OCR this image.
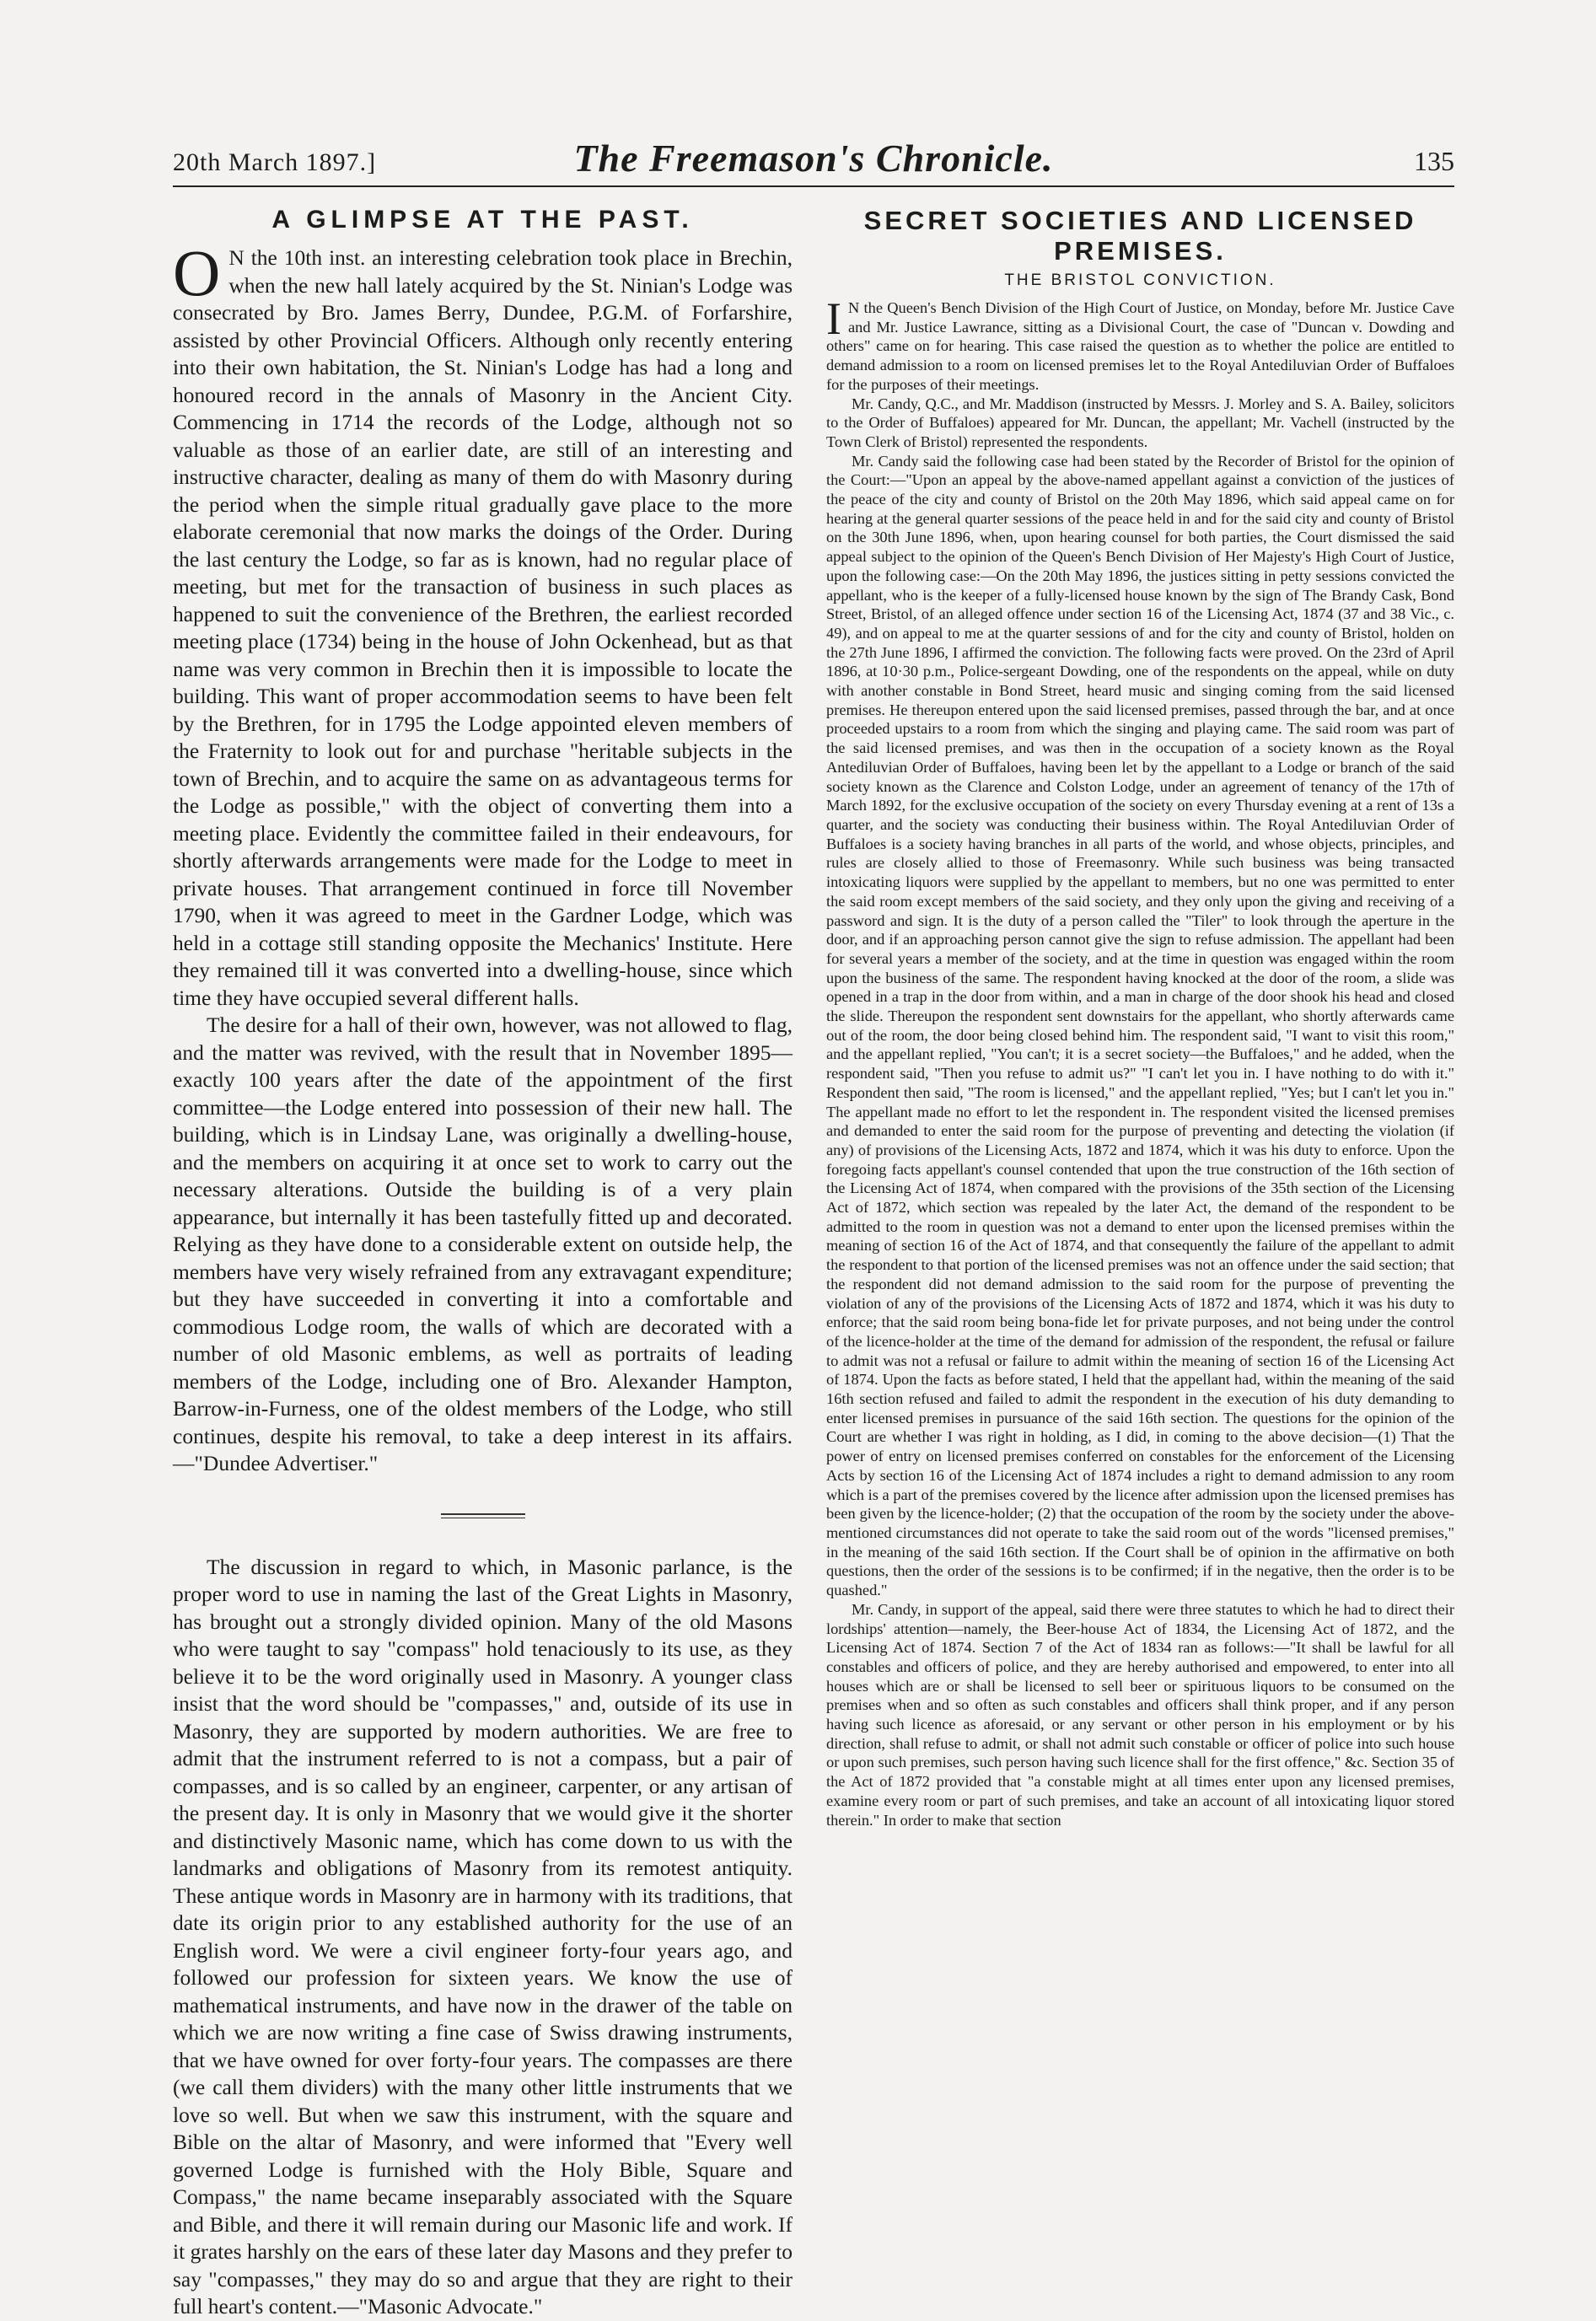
20th March 1897.]	The Freemason's Chronicle.	135
A GLIMPSE AT THE PAST.

O N the 10th inst. an interesting celebration took place in Brechin, when the new hall lately acquired by the St. Ninian's Lodge was consecrated by Bro. James Berry, Dundee, P.G.M. of Forfarshire, assisted by other Provincial Officers. Although only recently entering into their own habitation, the St. Ninian's Lodge has had a long and honoured record in the annals of Masonry in the Ancient City. Commencing in 1714 the records of the Lodge, although not so valuable as those of an earlier date, are still of an interesting and instructive character, dealing as many of them do with Masonry during the period when the simple ritual gradually gave place to the more elaborate ceremonial that now marks the doings of the Order. During the last century the Lodge, so far as is known, had no regular place of meeting, but met for the transaction of business in such places as happened to suit the convenience of the Brethren, the earliest recorded meeting place (1734) being in the house of John Ockenhead, but as that name was very common in Brechin then it is impossible to locate the building. This want of proper accommodation seems to have been felt by the Brethren, for in 1795 the Lodge appointed eleven members of the Fraternity to look out for and purchase "heritable subjects in the town of Brechin, and to acquire the same on as advantageous terms for the Lodge as possible," with the object of converting them into a meeting place. Evidently the committee failed in their endeavours, for shortly afterwards arrangements were made for the Lodge to meet in private houses. That arrangement continued in force till November 1790, when it was agreed to meet in the Gardner Lodge, which was held in a cottage still standing opposite the Mechanics' Institute. Here they remained till it was converted into a dwelling-house, since which time they have occupied several different halls.

The desire for a hall of their own, however, was not allowed to flag, and the matter was revived, with the result that in November 1895—exactly 100 years after the date of the appointment of the first committee—the Lodge entered into possession of their new hall. The building, which is in Lindsay Lane, was originally a dwelling-house, and the members on acquiring it at once set to work to carry out the necessary alterations. Outside the building is of a very plain appearance, but internally it has been tastefully fitted up and decorated. Relying as they have done to a considerable extent on outside help, the members have very wisely refrained from any extravagant expenditure; but they have succeeded in converting it into a comfortable and commodious Lodge room, the walls of which are decorated with a number of old Masonic emblems, as well as portraits of leading members of the Lodge, including one of Bro. Alexander Hampton, Barrow-in-Furness, one of the oldest members of the Lodge, who still continues, despite his removal, to take a deep interest in its affairs.—"Dundee Advertiser."

The discussion in regard to which, in Masonic parlance, is the proper word to use in naming the last of the Great Lights in Masonry, has brought out a strongly divided opinion. Many of the old Masons who were taught to say "compass" hold tenaciously to its use, as they believe it to be the word originally used in Masonry. A younger class insist that the word should be "compasses," and, outside of its use in Masonry, they are supported by modern authorities. We are free to admit that the instrument referred to is not a compass, but a pair of compasses, and is so called by an engineer, carpenter, or any artisan of the present day. It is only in Masonry that we would give it the shorter and distinctively Masonic name, which has come down to us with the landmarks and obligations of Masonry from its remotest antiquity. These antique words in Masonry are in harmony with its traditions, that date its origin prior to any established authority for the use of an English word. We were a civil engineer forty-four years ago, and followed our profession for sixteen years. We know the use of mathematical instruments, and have now in the drawer of the table on which we are now writing a fine case of Swiss drawing instruments, that we have owned for over forty-four years. The compasses are there (we call them dividers) with the many other little instruments that we love so well. But when we saw this instrument, with the square and Bible on the altar of Masonry, and were informed that "Every well governed Lodge is furnished with the Holy Bible, Square and Compass," the name became inseparably associated with the Square and Bible, and there it will remain during our Masonic life and work. If it grates harshly on the ears of these later day Masons and they prefer to say "compasses," they may do so and argue that they are right to their full heart's content.—"Masonic Advocate."

SECRET SOCIETIES AND LICENSED PREMISES.
THE BRISTOL CONVICTION.

I N the Queen's Bench Division of the High Court of Justice, on Monday, before Mr. Justice Cave and Mr. Justice Lawrance, sitting as a Divisional Court, the case of "Duncan v. Dowding and others" came on for hearing. This case raised the question as to whether the police are entitled to demand admission to a room on licensed premises let to the Royal Antediluvian Order of Buffaloes for the purposes of their meetings.

Mr. Candy, Q.C., and Mr. Maddison (instructed by Messrs. J. Morley and S. A. Bailey, solicitors to the Order of Buffaloes) appeared for Mr. Duncan, the appellant; Mr. Vachell (instructed by the Town Clerk of Bristol) represented the respondents.

Mr. Candy said the following case had been stated by the Recorder of Bristol for the opinion of the Court:—"Upon an appeal by the above-named appellant against a conviction of the justices of the peace of the city and county of Bristol on the 20th May 1896, which said appeal came on for hearing at the general quarter sessions of the peace held in and for the said city and county of Bristol on the 30th June 1896, when, upon hearing counsel for both parties, the Court dismissed the said appeal subject to the opinion of the Queen's Bench Division of Her Majesty's High Court of Justice, upon the following case:—On the 20th May 1896, the justices sitting in petty sessions convicted the appellant, who is the keeper of a fully-licensed house known by the sign of The Brandy Cask, Bond Street, Bristol, of an alleged offence under section 16 of the Licensing Act, 1874 (37 and 38 Vic., c. 49), and on appeal to me at the quarter sessions of and for the city and county of Bristol, holden on the 27th June 1896, I affirmed the conviction. The following facts were proved. On the 23rd of April 1896, at 10·30 p.m., Police-sergeant Dowding, one of the respondents on the appeal, while on duty with another constable in Bond Street, heard music and singing coming from the said licensed premises. He thereupon entered upon the said licensed premises, passed through the bar, and at once proceeded upstairs to a room from which the singing and playing came. The said room was part of the said licensed premises, and was then in the occupation of a society known as the Royal Antediluvian Order of Buffaloes, having been let by the appellant to a Lodge or branch of the said society known as the Clarence and Colston Lodge, under an agreement of tenancy of the 17th of March 1892, for the exclusive occupation of the society on every Thursday evening at a rent of 13s a quarter, and the society was conducting their business within. The Royal Antediluvian Order of Buffaloes is a society having branches in all parts of the world, and whose objects, principles, and rules are closely allied to those of Freemasonry. While such business was being transacted intoxicating liquors were supplied by the appellant to members, but no one was permitted to enter the said room except members of the said society, and they only upon the giving and receiving of a password and sign. It is the duty of a person called the "Tiler" to look through the aperture in the door, and if an approaching person cannot give the sign to refuse admission. The appellant had been for several years a member of the society, and at the time in question was engaged within the room upon the business of the same. The respondent having knocked at the door of the room, a slide was opened in a trap in the door from within, and a man in charge of the door shook his head and closed the slide. Thereupon the respondent sent downstairs for the appellant, who shortly afterwards came out of the room, the door being closed behind him. The respondent said, "I want to visit this room," and the appellant replied, "You can't; it is a secret society—the Buffaloes," and he added, when the respondent said, "Then you refuse to admit us?" "I can't let you in. I have nothing to do with it." Respondent then said, "The room is licensed," and the appellant replied, "Yes; but I can't let you in." The appellant made no effort to let the respondent in. The respondent visited the licensed premises and demanded to enter the said room for the purpose of preventing and detecting the violation (if any) of provisions of the Licensing Acts, 1872 and 1874, which it was his duty to enforce. Upon the foregoing facts appellant's counsel contended that upon the true construction of the 16th section of the Licensing Act of 1874, when compared with the provisions of the 35th section of the Licensing Act of 1872, which section was repealed by the later Act, the demand of the respondent to be admitted to the room in question was not a demand to enter upon the licensed premises within the meaning of section 16 of the Act of 1874, and that consequently the failure of the appellant to admit the respondent to that portion of the licensed premises was not an offence under the said section; that the respondent did not demand admission to the said room for the purpose of preventing the violation of any of the provisions of the Licensing Acts of 1872 and 1874, which it was his duty to enforce; that the said room being bona-fide let for private purposes, and not being under the control of the licence-holder at the time of the demand for admission of the respondent, the refusal or failure to admit was not a refusal or failure to admit within the meaning of section 16 of the Licensing Act of 1874. Upon the facts as before stated, I held that the appellant had, within the meaning of the said 16th section refused and failed to admit the respondent in the execution of his duty demanding to enter licensed premises in pursuance of the said 16th section. The questions for the opinion of the Court are whether I was right in holding, as I did, in coming to the above decision—(1) That the power of entry on licensed premises conferred on constables for the enforcement of the Licensing Acts by section 16 of the Licensing Act of 1874 includes a right to demand admission to any room which is a part of the premises covered by the licence after admission upon the licensed premises has been given by the licence-holder; (2) that the occupation of the room by the society under the above-mentioned circumstances did not operate to take the said room out of the words "licensed premises," in the meaning of the said 16th section. If the Court shall be of opinion in the affirmative on both questions, then the order of the sessions is to be confirmed; if in the negative, then the order is to be quashed."

Mr. Candy, in support of the appeal, said there were three statutes to which he had to direct their lordships' attention—namely, the Beer-house Act of 1834, the Licensing Act of 1872, and the Licensing Act of 1874. Section 7 of the Act of 1834 ran as follows:—"It shall be lawful for all constables and officers of police, and they are hereby authorised and empowered, to enter into all houses which are or shall be licensed to sell beer or spirituous liquors to be consumed on the premises when and so often as such constables and officers shall think proper, and if any person having such licence as aforesaid, or any servant or other person in his employment or by his direction, shall refuse to admit, or shall not admit such constable or officer of police into such house or upon such premises, such person having such licence shall for the first offence," &c. Section 35 of the Act of 1872 provided that "a constable might at all times enter upon any licensed premises, examine every room or part of such premises, and take an account of all intoxicating liquor stored therein." In order to make that section
